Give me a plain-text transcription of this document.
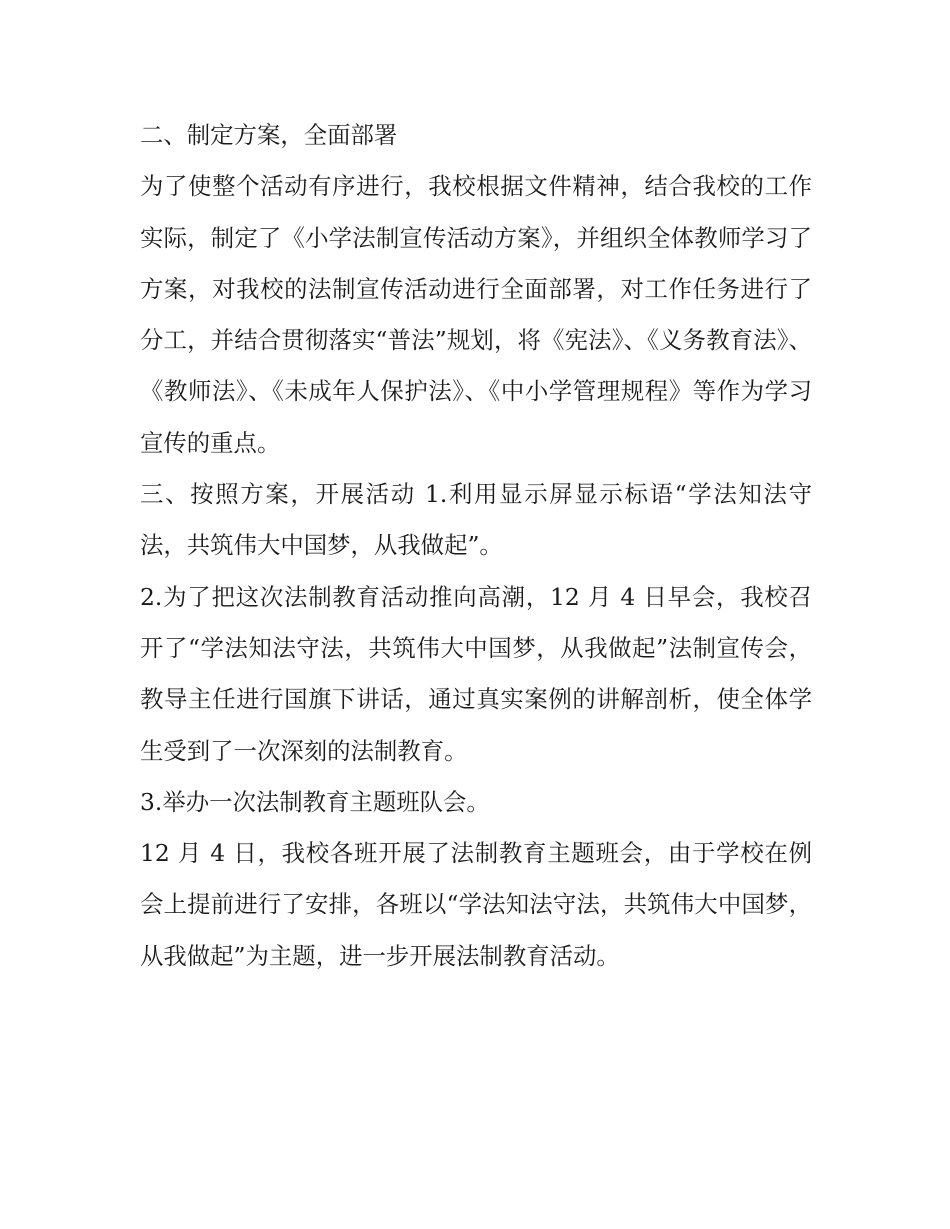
二、制定方案，全面部署

为了使整个活动有序进行，我校根据文件精神，结合我校的工作实际，制定了《小学法制宣传活动方案》，并组织全体教师学习了方案，对我校的法制宣传活动进行全面部署，对工作任务进行了分工，并结合贯彻落实“普法”规划，将《宪法》、《义务教育法》、《教师法》、《未成年人保护法》、《中小学管理规程》等作为学习宣传的重点。

三、按照方案，开展活动 1.利用显示屏显示标语“学法知法守法，共筑伟大中国梦，从我做起”。

2.为了把这次法制教育活动推向高潮，12 月 4 日早会，我校召开了“学法知法守法，共筑伟大中国梦，从我做起”法制宣传会，教导主任进行国旗下讲话，通过真实案例的讲解剖析，使全体学生受到了一次深刻的法制教育。

3.举办一次法制教育主题班队会。

12 月 4 日，我校各班开展了法制教育主题班会，由于学校在例会上提前进行了安排，各班以“学法知法守法，共筑伟大中国梦，从我做起”为主题，进一步开展法制教育活动。
